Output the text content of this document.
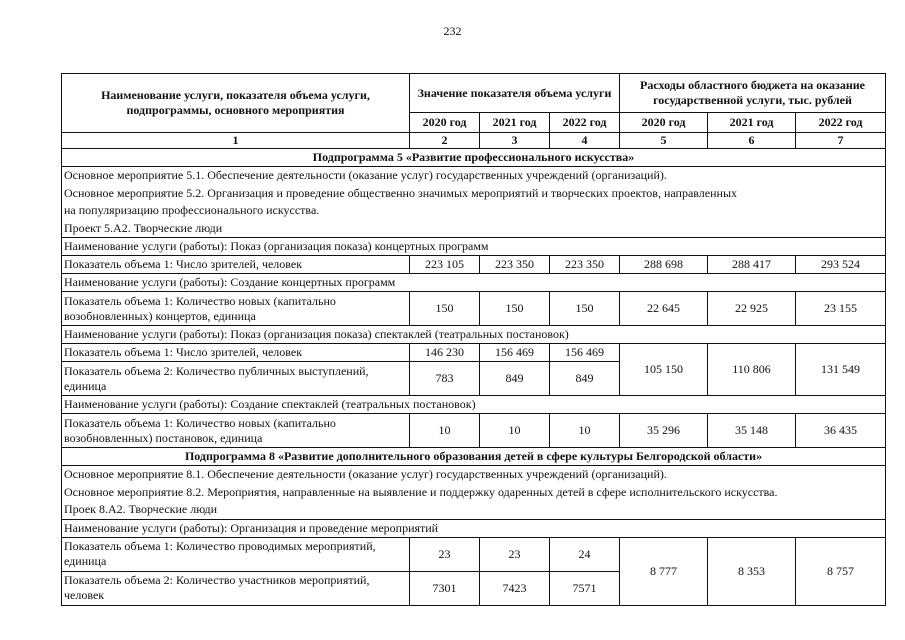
232
Наименование услуги, показателя объема услуги, подпрограммы, основного мероприятия	Значение показателя объема услуги			Расходы областного бюджета на оказание государственной услуги, тыс. рублей		
	2020 год	2021 год	2022 год	2020 год	2021 год	2022 год
1	2	3	4	5	6	7
Подпрограмма 5 «Развитие профессионального искусства»						

Основное мероприятие 5.1. Обеспечение деятельности (оказание услуг) государственных учреждений (организаций).
Основное мероприятие 5.2. Организация и проведение общественно значимых мероприятий и творческих проектов, направленных
на популяризацию профессионального искусства.
Проект 5.А2. Творческие люди						

Наименование услуги (работы): Показ (организация показа) концертных программ						
Показатель объема 1: Число зрителей, человек	223 105	223 350	223 350	288 698	288 417	293 524
Наименование услуги (работы): Создание концертных программ						
Показатель объема 1: Количество новых (капитально возобновленных) концертов, единица	150	150	150	22 645	22 925	23 155
Наименование услуги (работы): Показ (организация показа) спектаклей (театральных постановок)						
Показатель объема 1: Число зрителей, человек	146 230	156 469	156 469	105 150	110 806	131 549
Показатель объема 2: Количество публичных выступлений, единица	783	849	849			
Наименование услуги (работы): Создание спектаклей (театральных постановок)						
Показатель объема 1: Количество новых (капитально возобновленных) постановок, единица	10	10	10	35 296	35 148	36 435
Подпрограмма 8 «Развитие дополнительного образования детей в сфере культуры Белгородской области»						

Основное мероприятие 8.1. Обеспечение деятельности (оказание услуг) государственных учреждений (организаций).
Основное мероприятие 8.2. Мероприятия, направленные на выявление и поддержку одаренных детей в сфере исполнительского искусства.
Проек 8.А2. Творческие люди						

Наименование услуги (работы): Организация и проведение мероприятий						
Показатель объема 1: Количество проводимых мероприятий, единица	23	23	24	8 777	8 353	8 757
Показатель объема 2: Количество участников мероприятий, человек	7301	7423	7571			
